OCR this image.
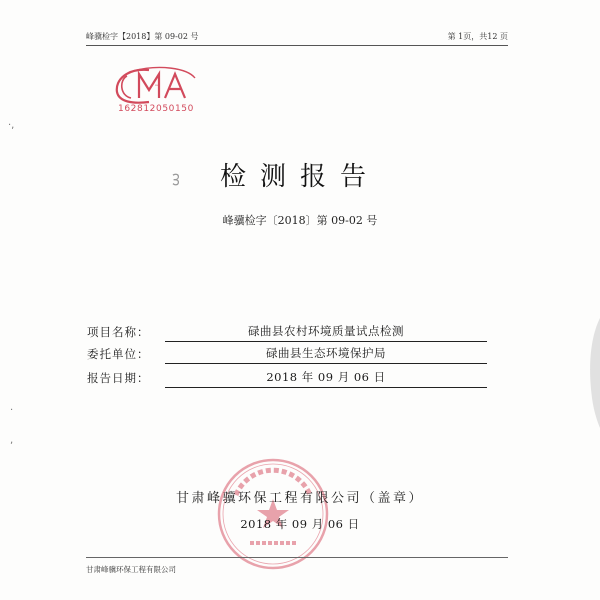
峰骥检字【2018】第 09-02 号	第 1页，共12 页
MA
162812050150
ᢃ	检测报告
峰骥检字〔2018〕第 09-02 号
项目名称：	碌曲县农村环境质量试点检测
委托单位：	碌曲县生态环境保护局
报告日期：	2018 年 09 月 06 日
甘肃峰骥环保工程有限公司（盖章）
2018 年 09 月 06 日
甘肃峰骥环保工程有限公司
·,
·
,
